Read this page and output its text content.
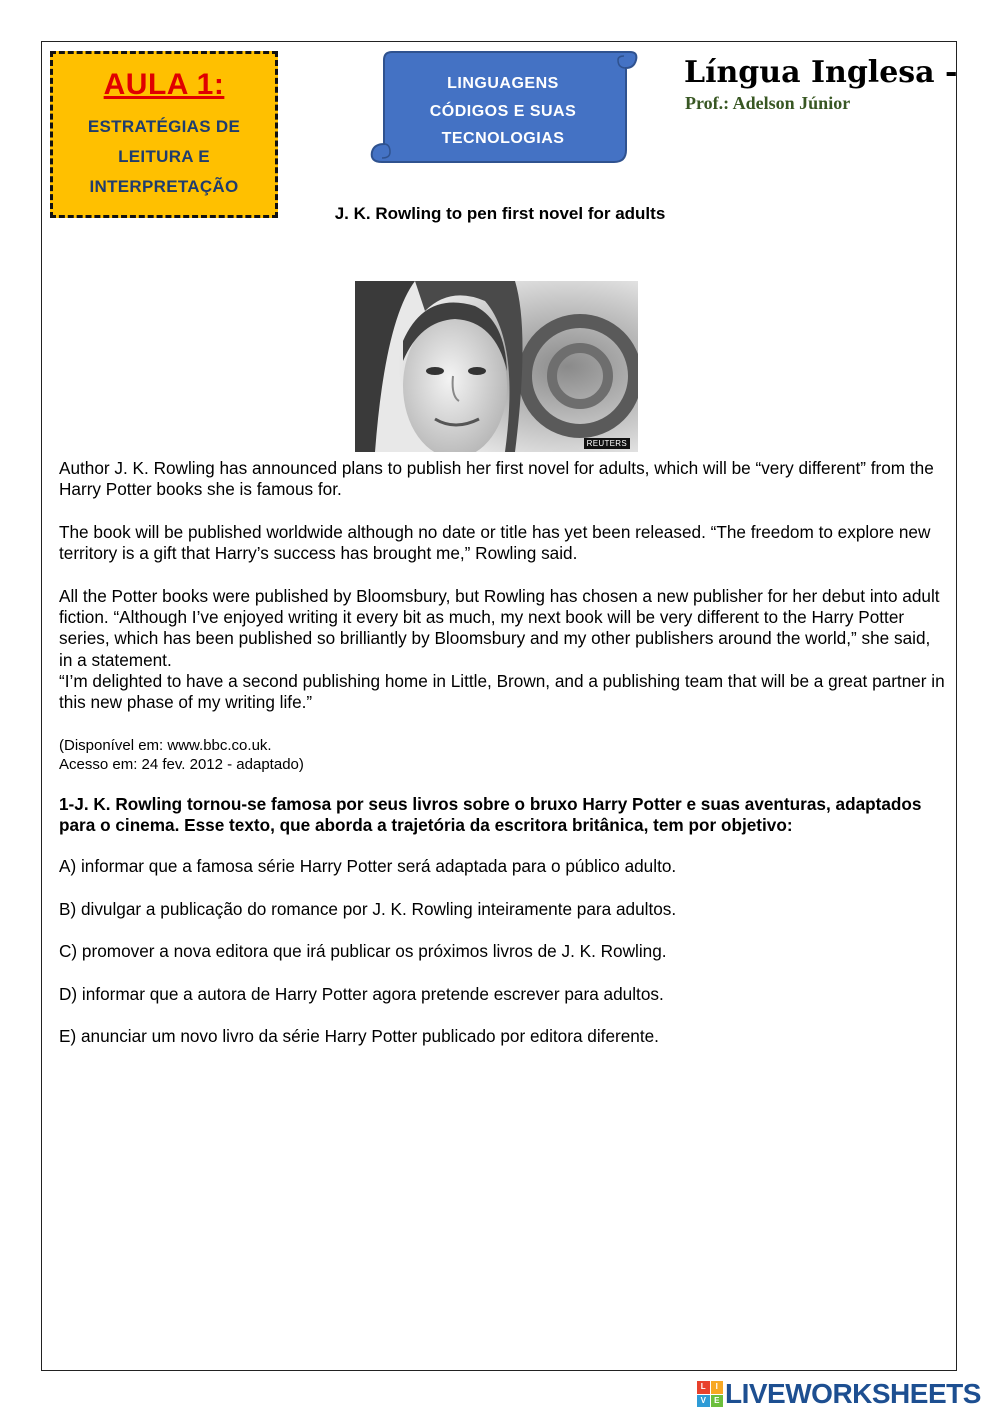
AULA 1:
ESTRATÉGIAS DE
LEITURA E
INTERPRETAÇÃO
LINGUAGENS
CÓDIGOS E SUAS
TECNOLOGIAS
Língua Inglesa -
Prof.: Adelson Júnior
J. K. Rowling to pen first novel for adults
REUTERS
Author J. K. Rowling has announced plans to publish her first novel for adults, which will be “very different” from the Harry Potter books she is famous for.
The book will be published worldwide although no date or title has yet been released. “The freedom to explore new territory is a gift that Harry’s success has brought me,” Rowling said.
All the Potter books were published by Bloomsbury, but Rowling has chosen a new publisher for her debut into adult fiction. “Although I’ve enjoyed writing it every bit as much, my next book will be very different to the Harry Potter series, which has been published so brilliantly by Bloomsbury and my other publishers around the world,” she said, in a statement.
“I’m delighted to have a second publishing home in Little, Brown, and a publishing team that will be a great partner in this new phase of my writing life.”
(Disponível em: www.bbc.co.uk.
Acesso em: 24 fev. 2012 - adaptado)
1-J. K. Rowling tornou-se famosa por seus livros sobre o bruxo Harry Potter e suas aventuras, adaptados para o cinema. Esse texto, que aborda a trajetória da escritora britânica, tem por objetivo:
A) informar que a famosa série Harry Potter será adaptada para o público adulto.
B) divulgar a publicação do romance por J. K. Rowling inteiramente para adultos.
C) promover a nova editora que irá publicar os próximos livros de J. K. Rowling.
D) informar que a autora de Harry Potter agora pretende escrever para adultos.
E) anunciar um novo livro da série Harry Potter publicado por editora diferente.
L	I
V	E LIVEWORKSHEETS
